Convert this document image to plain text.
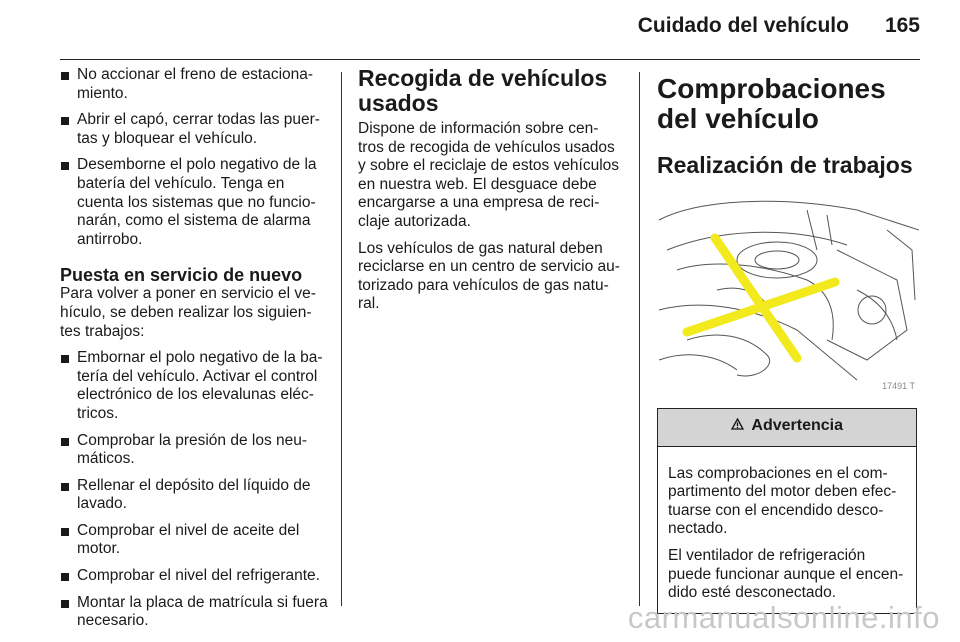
Cuidado del vehículo 165
No accionar el freno de estaciona-miento.
Abrir el capó, cerrar todas las puer-tas y bloquear el vehículo.
Desemborne el polo negativo de la batería del vehículo. Tenga en cuenta los sistemas que no funcio-narán, como el sistema de alarma antirrobo.
Puesta en servicio de nuevo

Para volver a poner en servicio el ve-hículo, se deben realizar los siguien-tes trabajos:

Embornar el polo negativo de la ba-tería del vehículo. Activar el control electrónico de los elevalunas eléc-tricos.
Comprobar la presión de los neu-máticos.
Rellenar el depósito del líquido de lavado.
Comprobar el nivel de aceite del motor.
Comprobar el nivel del refrigerante.
Montar la placa de matrícula si fuera necesario.
Recogida de vehículos usados

Dispone de información sobre cen-tros de recogida de vehículos usados y sobre el reciclaje de estos vehículos en nuestra web. El desguace debe encargarse a una empresa de reci-claje autorizada.

Los vehículos de gas natural deben reciclarse en un centro de servicio au-torizado para vehículos de gas natu-ral.

Comprobaciones del vehículo
Realización de trabajos
17491 T
Advertencia

Las comprobaciones en el com-partimento del motor deben efec-tuarse con el encendido desco-nectado.

El ventilador de refrigeración puede funcionar aunque el encen-dido esté desconectado.

carmanualsonline.info
